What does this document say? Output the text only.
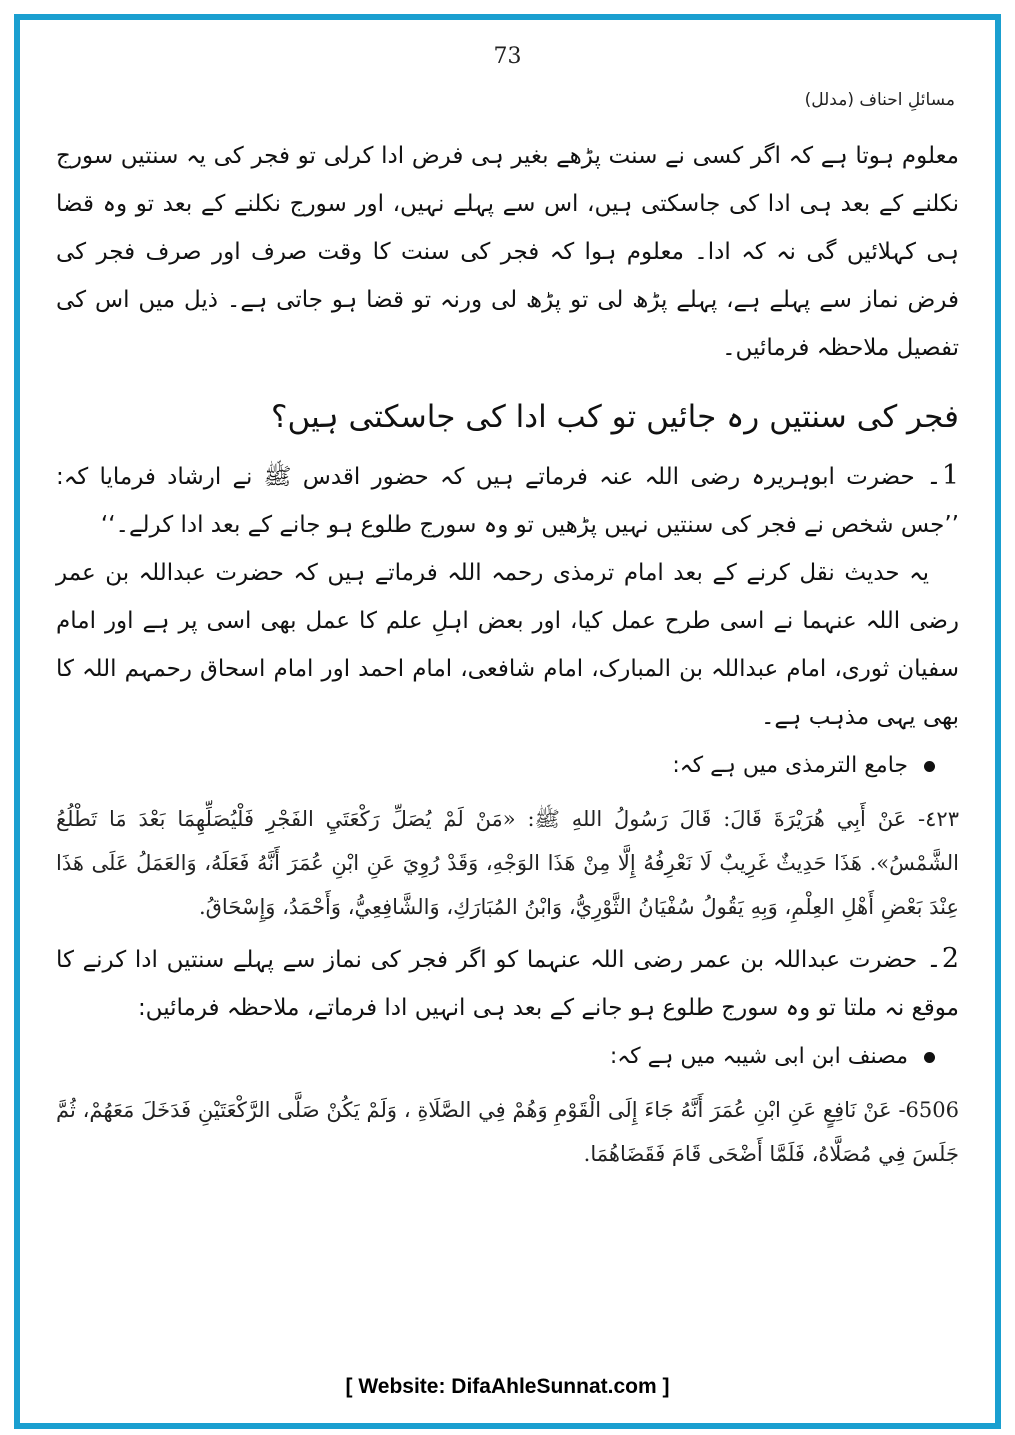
73
مسائلِ احناف (مدلل)

معلوم ہوتا ہے کہ اگر کسی نے سنت پڑھے بغیر ہی فرض ادا کرلی تو فجر کی یہ سنتیں سورج نکلنے کے بعد ہی ادا کی جاسکتی ہیں، اس سے پہلے نہیں، اور سورج نکلنے کے بعد تو وہ قضا ہی کہلائیں گی نہ کہ ادا۔ معلوم ہوا کہ فجر کی سنت کا وقت صرف اور صرف فجر کی فرض نماز سے پہلے ہے، پہلے پڑھ لی تو پڑھ لی ورنہ تو قضا ہو جاتی ہے۔ ذیل میں اس کی تفصیل ملاحظہ فرمائیں۔

فجر کی سنتیں رہ جائیں تو کب ادا کی جاسکتی ہیں؟

1۔ حضرت ابوہریرہ رضی اللہ عنہ فرماتے ہیں کہ حضور اقدس ﷺ نے ارشاد فرمایا کہ: ’’جس شخص نے فجر کی سنتیں نہیں پڑھیں تو وہ سورج طلوع ہو جانے کے بعد ادا کرلے۔‘‘

یہ حدیث نقل کرنے کے بعد امام ترمذی رحمہ اللہ فرماتے ہیں کہ حضرت عبداللہ بن عمر رضی اللہ عنہما نے اسی طرح عمل کیا، اور بعض اہلِ علم کا عمل بھی اسی پر ہے اور امام سفیان ثوری، امام عبداللہ بن المبارک، امام شافعی، امام احمد اور امام اسحاق رحمہم اللہ کا بھی یہی مذہب ہے۔

جامع الترمذی میں ہے کہ:

٤٢٣- عَنْ أَبِي هُرَيْرَةَ قَالَ: قَالَ رَسُولُ اللهِ ﷺ: «مَنْ لَمْ يُصَلِّ رَكْعَتَيِ الفَجْرِ فَلْيُصَلِّهِمَا بَعْدَ مَا تَطْلُعُ الشَّمْسُ». هَذَا حَدِيثٌ غَرِيبٌ لَا نَعْرِفُهُ إِلَّا مِنْ هَذَا الوَجْهِ، وَقَدْ رُوِيَ عَنِ ابْنِ عُمَرَ أَنَّهُ فَعَلَهُ، وَالعَمَلُ عَلَى هَذَا عِنْدَ بَعْضِ أَهْلِ العِلْمِ، وَبِهِ يَقُولُ سُفْيَانُ الثَّوْرِيُّ، وَابْنُ المُبَارَكِ، وَالشَّافِعِيُّ، وَأَحْمَدُ، وَإِسْحَاقُ.

2۔ حضرت عبداللہ بن عمر رضی اللہ عنہما کو اگر فجر کی نماز سے پہلے سنتیں ادا کرنے کا موقع نہ ملتا تو وہ سورج طلوع ہو جانے کے بعد ہی انہیں ادا فرماتے، ملاحظہ فرمائیں:

مصنف ابن ابی شیبہ میں ہے کہ:

6506- عَنْ نَافِعٍ عَنِ ابْنِ عُمَرَ أَنَّهُ جَاءَ إِلَى الْقَوْمِ وَهُمْ فِي الصَّلَاةِ ، وَلَمْ يَكُنْ صَلَّى الرَّكْعَتَيْنِ فَدَخَلَ مَعَهُمْ، ثُمَّ جَلَسَ فِي مُصَلَّاهُ، فَلَمَّا أَضْحَى قَامَ فَقَضَاهُمَا.

[ Website: DifaAhleSunnat.com ]
